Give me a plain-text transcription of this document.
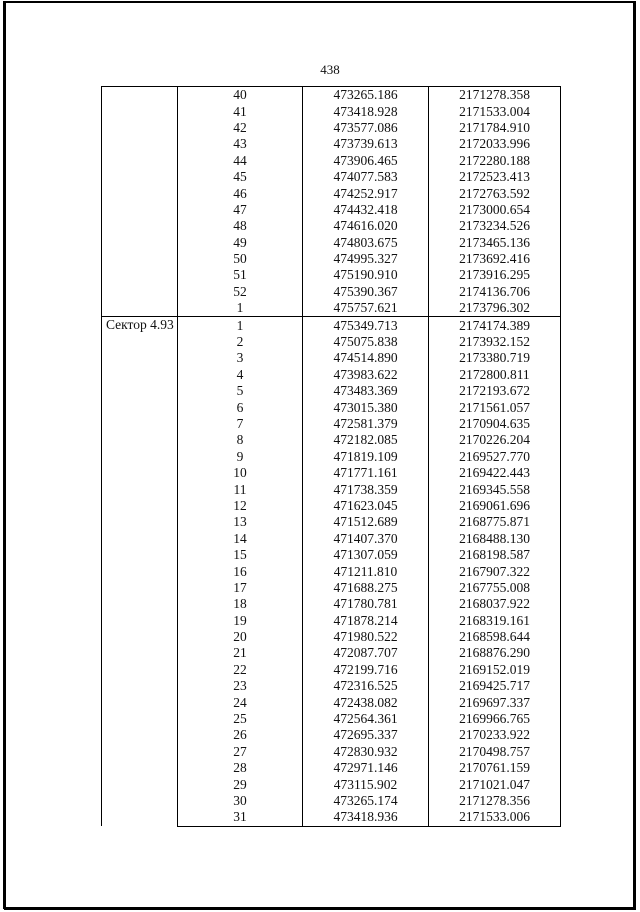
438
	40	473265.186	2171278.358
	41	473418.928	2171533.004
	42	473577.086	2171784.910
	43	473739.613	2172033.996
	44	473906.465	2172280.188
	45	474077.583	2172523.413
	46	474252.917	2172763.592
	47	474432.418	2173000.654
	48	474616.020	2173234.526
	49	474803.675	2173465.136
	50	474995.327	2173692.416
	51	475190.910	2173916.295
	52	475390.367	2174136.706
	1	475757.621	2173796.302
Сектор 4.93	1	475349.713	2174174.389
	2	475075.838	2173932.152
	3	474514.890	2173380.719
	4	473983.622	2172800.811
	5	473483.369	2172193.672
	6	473015.380	2171561.057
	7	472581.379	2170904.635
	8	472182.085	2170226.204
	9	471819.109	2169527.770
	10	471771.161	2169422.443
	11	471738.359	2169345.558
	12	471623.045	2169061.696
	13	471512.689	2168775.871
	14	471407.370	2168488.130
	15	471307.059	2168198.587
	16	471211.810	2167907.322
	17	471688.275	2167755.008
	18	471780.781	2168037.922
	19	471878.214	2168319.161
	20	471980.522	2168598.644
	21	472087.707	2168876.290
	22	472199.716	2169152.019
	23	472316.525	2169425.717
	24	472438.082	2169697.337
	25	472564.361	2169966.765
	26	472695.337	2170233.922
	27	472830.932	2170498.757
	28	472971.146	2170761.159
	29	473115.902	2171021.047
	30	473265.174	2171278.356
	31	473418.936	2171533.006
